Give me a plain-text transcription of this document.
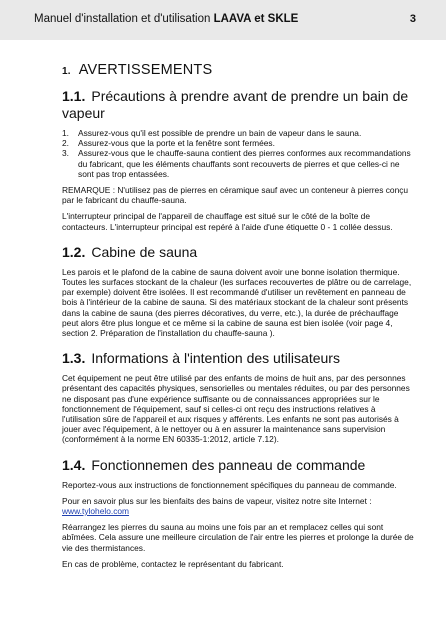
Manuel d'installation et d'utilisation LAAVA et SKLE	3
1. AVERTISSEMENTS
1.1. Précautions à prendre avant de prendre un bain de vapeur
1. Assurez-vous qu'il est possible de prendre un bain de vapeur dans le sauna.
2. Assurez-vous que la porte et la fenêtre sont fermées.
3. Assurez-vous que le chauffe-sauna contient des pierres conformes aux recommandations du fabricant, que les éléments chauffants sont recouverts de pierres et que celles-ci ne sont pas trop entassées.

REMARQUE : N'utilisez pas de pierres en céramique sauf avec un conteneur à pierres conçu par le fabricant du chauffe-sauna.

L'interrupteur principal de l'appareil de chauffage est situé sur le côté de la boîte de contacteurs. L'interrupteur principal est repéré à l'aide d'une étiquette 0 - 1 collée dessus.

1.2. Cabine de sauna

Les parois et le plafond de la cabine de sauna doivent avoir une bonne isolation thermique. Toutes les surfaces stockant de la chaleur (les surfaces recouvertes de plâtre ou de carrelage, par exemple) doivent être isolées. Il est recommandé d'utiliser un revêtement en panneau de bois à l'intérieur de la cabine de sauna. Si des matériaux stockant de la chaleur sont présents dans la cabine de sauna (des pierres décoratives, du verre, etc.), la durée de préchauffage peut alors être plus longue et ce même si la cabine de sauna est bien isolée (voir page 4, section 2. Préparation de l'installation du chauffe-sauna ).

1.3. Informations à l'intention des utilisateurs

Cet équipement ne peut être utilisé par des enfants de moins de huit ans, par des personnes présentant des capacités physiques, sensorielles ou mentales réduites, ou par des personnes ne disposant pas d'une expérience suffisante ou de connaissances appropriées sur le fonctionnement de l'équipement, sauf si celles-ci ont reçu des instructions relatives à l'utilisation sûre de l'appareil et aux risques y afférents. Les enfants ne sont pas autorisés à jouer avec l'équipement, à le nettoyer ou à en assurer la maintenance sans supervision (conformément à la norme EN 60335-1:2012, article 7.12).

1.4. Fonctionnemen des panneau de commande

Reportez-vous aux instructions de fonctionnement spécifiques du panneau de commande.

Pour en savoir plus sur les bienfaits des bains de vapeur, visitez notre site Internet :
www.tylohelo.com

Réarrangez les pierres du sauna au moins une fois par an et remplacez celles qui sont abîmées. Cela assure une meilleure circulation de l'air entre les pierres et prolonge la durée de vie des thermistances.

En cas de problème, contactez le représentant du fabricant.
